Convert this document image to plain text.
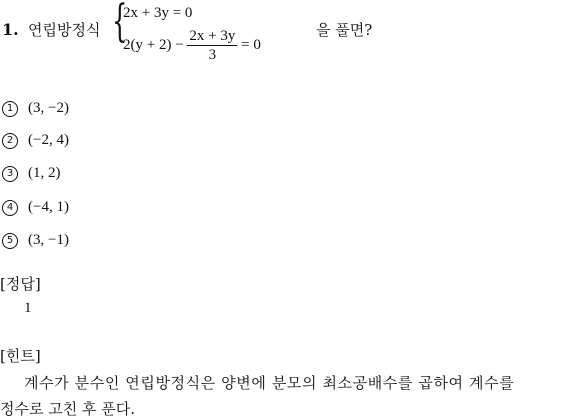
1. 연립방정식 {
2x + 3y = 0
$2(y + 2) - \frac{2x + 3y}{3} = 0$
을 풀면?
1 (3, −2)
2 (−2, 4)
3 (1, 2)
4 (−4, 1)
5 (3, −1)
[정답]
1
[힌트]
계수가 분수인 연립방정식은 양변에 분모의 최소공배수를 곱하여 계수를
정수로 고친 후 푼다.
